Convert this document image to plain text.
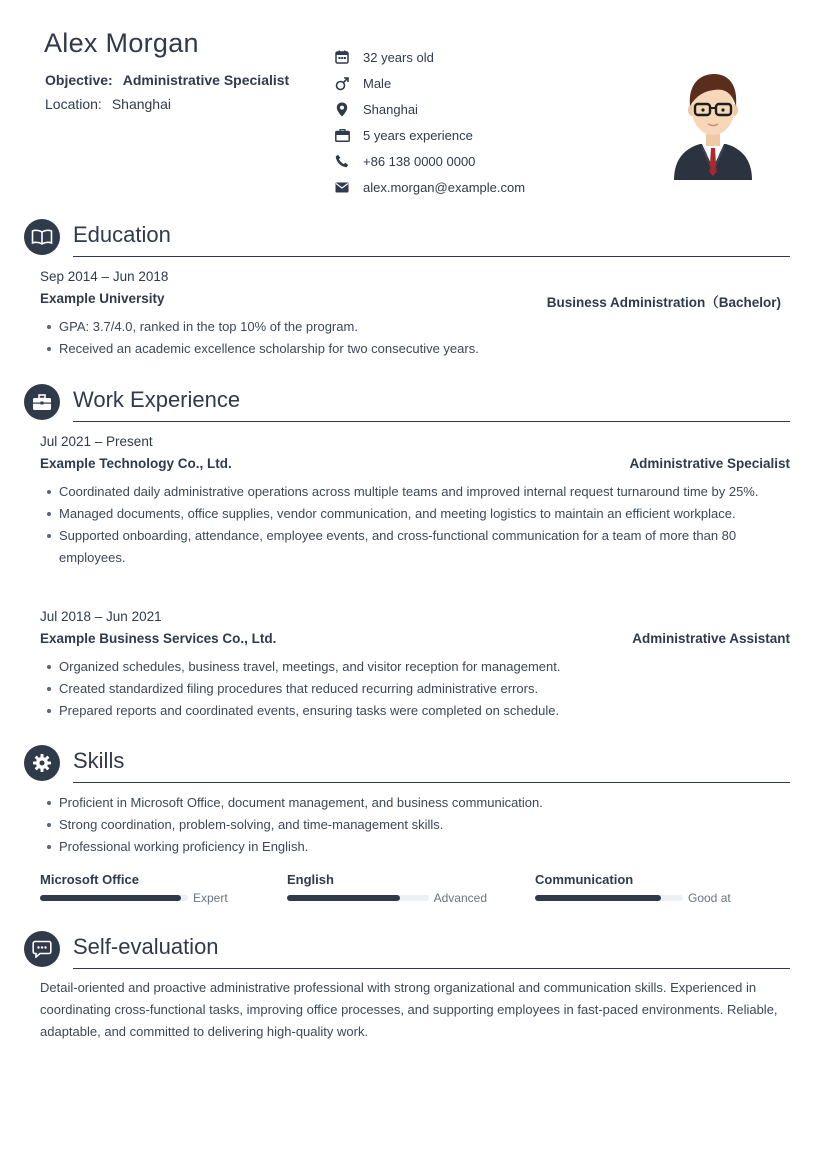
Alex Morgan
Objective: Administrative Specialist
Location: Shanghai
32 years old
Male
Shanghai
5 years experience
+86 138 0000 0000
alex.morgan@example.com
Education
Sep 2014 – Jun 2018
Example University	Business Administration（Bachelor)
GPA: 3.7/4.0, ranked in the top 10% of the program.
Received an academic excellence scholarship for two consecutive years.
Work Experience
Jul 2021 – Present
Example Technology Co., Ltd.	Administrative Specialist
Coordinated daily administrative operations across multiple teams and improved internal request turnaround time by 25%.
Managed documents, office supplies, vendor communication, and meeting logistics to maintain an efficient workplace.
Supported onboarding, attendance, employee events, and cross-functional communication for a team of more than 80 employees.
Jul 2018 – Jun 2021
Example Business Services Co., Ltd.	Administrative Assistant
Organized schedules, business travel, meetings, and visitor reception for management.
Created standardized filing procedures that reduced recurring administrative errors.
Prepared reports and coordinated events, ensuring tasks were completed on schedule.
Skills
Proficient in Microsoft Office, document management, and business communication.
Strong coordination, problem-solving, and time-management skills.
Professional working proficiency in English.
Microsoft Office
Expert
English
Advanced
Communication
Good at
Self-evaluation
Detail-oriented and proactive administrative professional with strong organizational and communication skills. Experienced in coordinating cross-functional tasks, improving office processes, and supporting employees in fast-paced environments. Reliable, adaptable, and committed to delivering high-quality work.
